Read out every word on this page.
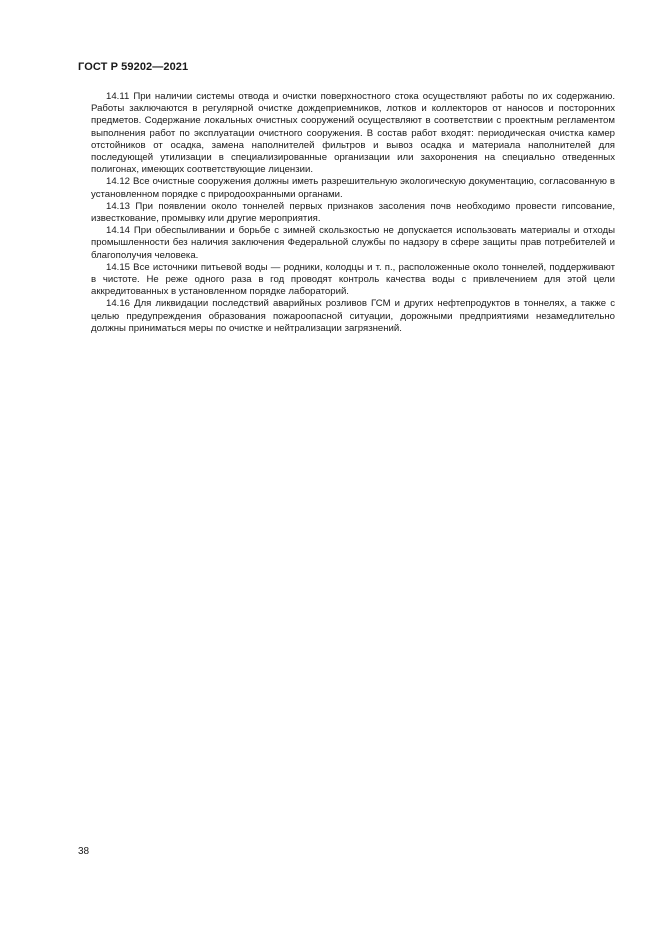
ГОСТ Р 59202—2021

14.11 При наличии системы отвода и очистки поверхностного стока осуществляют работы по их содержанию. Работы заключаются в регулярной очистке дождеприемников, лотков и коллекторов от наносов и посторонних предметов. Содержание локальных очистных сооружений осуществляют в соответствии с проектным регламентом выполнения работ по эксплуатации очистного сооружения. В состав работ входят: периодическая очистка камер отстойников от осадка, замена наполнителей фильтров и вывоз осадка и материала наполнителей для последующей утилизации в специализированные организации или захоронения на специально отведенных полигонах, имеющих соответствующие лицензии.

14.12 Все очистные сооружения должны иметь разрешительную экологическую документацию, согласованную в установленном порядке с природоохранными органами.

14.13 При появлении около тоннелей первых признаков засоления почв необходимо провести гипсование, известкование, промывку или другие мероприятия.

14.14 При обеспыливании и борьбе с зимней скользкостью не допускается использовать материалы и отходы промышленности без наличия заключения Федеральной службы по надзору в сфере защиты прав потребителей и благополучия человека.

14.15 Все источники питьевой воды — родники, колодцы и т. п., расположенные около тоннелей, поддерживают в чистоте. Не реже одного раза в год проводят контроль качества воды с привлечением для этой цели аккредитованных в установленном порядке лабораторий.

14.16 Для ликвидации последствий аварийных розливов ГСМ и других нефтепродуктов в тоннелях, а также с целью предупреждения образования пожароопасной ситуации, дорожными предприятиями незамедлительно должны приниматься меры по очистке и нейтрализации загрязнений.

38
